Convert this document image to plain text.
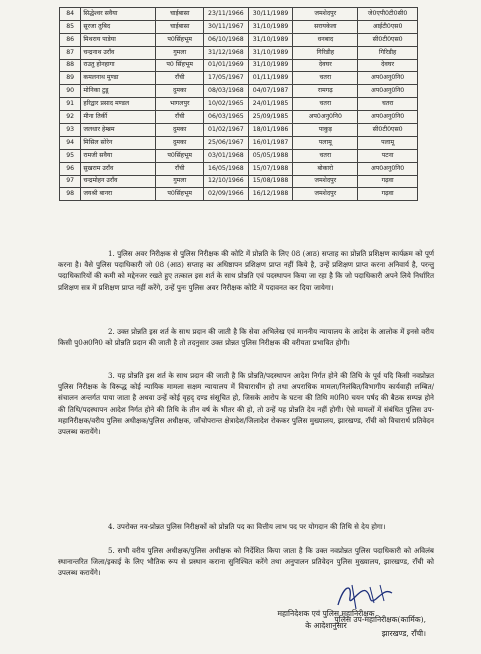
84	सिद्धेश्वर सवैया	चाईबासा	23/11/1966	30/11/1989	जमशेदपुर	जे0एपी0टी0सी0
85	सूरजा तुबिद	चाईबासा	30/11/1967	31/10/1989	सरायकेला	आईटी0एस0
86	मिथराय पाडेया	प0सिंहभूम	06/10/1968	31/10/1989	धनबाद	सी0टी0एस0
87	चन्द्रनाथ उराँव	गुमला	31/12/1968	31/10/1989	गिरिडीह	गिरिडीह
88	राउतु होनहागा	प0 सिंहभूम	01/01/1969	31/10/1989	देवघर	देवघर
89	कमलनाथ मुण्डा	राँची	17/05/1967	01/11/1989	चतरा	अप0अनु0नि0
90	मोनिका टुडू	दुमका	08/03/1968	04/07/1987	रामगढ़	अप0अनु0नि0
91	हरिद्वार प्रसाद मण्डल	भागलपुर	10/02/1965	24/01/1985	चतरा	चतरा
92	मीना तिर्की	राँची	06/03/1965	25/09/1985	अप0अनु0नि0	अप0अनु0नि0
93	जलधार हेम्ब्रम	दुमका	01/02/1967	18/01/1986	पाकुड़	सी0टी0एस0
94	मिसिल सोरेन	दुमका	25/06/1967	16/01/1987	पलामू	पलामू
95	रामजी सवैया	प0सिंहभूम	03/01/1968	05/05/1988	चतरा	पटना
96	सुखराम उराँव	राँची	16/05/1968	15/07/1988	बोकारो	अप0अनु0नि0
97	चन्द्रमोहन उराँव	गुमला	12/10/1966	15/08/1988	जमशेदपुर	गढ़वा
98	जयश्री बानरा	प0सिंहभूम	02/09/1966	16/12/1988	जमशेदपुर	गढ़वा

1. पुलिस अवर निरीक्षक से पुलिस निरीक्षक की कोटि में प्रोन्नति के लिए 08 (आठ) सप्ताह का प्रोन्नति प्रशिक्षण कार्यक्रम को पूर्ण करना है। वैसे पुलिस पदाधिकारी जो 08 (आठ) सप्ताह का अधिष्ठापन प्रशिक्षण प्राप्त नहीं किये है, उन्हें प्रशिक्षण प्राप्त करना अनिवार्य है, परन्तु पदाधिकारियों की कमी को मद्देनजर रखते हुए तत्काल इस शर्त के साथ प्रोन्नति एवं पदस्थापन किया जा रहा है कि जो पदाधिकारी अपने लिये निर्धारित प्रशिक्षण सत्र में प्रशिक्षण प्राप्त नहीं करेंगे, उन्हें पुनः पुलिस अवर निरीक्षक कोटि में पदावनत कर दिया जायेगा।

2. उक्त प्रोन्नति इस शर्त के साथ प्रदान की जाती है कि सेवा अभिलेख एवं माननीय न्यायालय के आदेश के आलोक में इनसे वरीय किसी पु0अ0नि0 को प्रोन्नति प्रदान की जाती है तो तदनुसार उक्त प्रोन्नत पुलिस निरीक्षक की वरीयता प्रभावित होगी।

3. यह प्रोन्नति इस शर्त के साथ प्रदान की जाती है कि प्रोन्नति/पदस्थापन आदेश निर्गत होने की तिथि के पूर्व यदि किसी नवप्रोन्नत पुलिस निरीक्षक के विरूद्ध कोई न्यायिक मामला सक्षम न्यायालय में विचाराधीन हो तथा अपराधिक मामला/निलंबित/विभागीय कार्यवाही लम्बित/संचालन अन्तर्गत पाया जाता है अथवा उन्हें कोई वृहद् दण्ड संसूचित हो, जिसके आरोप के घटना की तिथि म0नि0 चयन पर्षद की बैठक सम्पन्न होने की तिथि/पदस्थापन आदेश निर्गत होने की तिथि के तीन वर्ष के भीतर की हो, तो उन्हें यह प्रोन्नति देय नहीं होगी। ऐसे मामलों में संबंधित पुलिस उप-महानिरीक्षक/वरीय पुलिस अधीक्षक/पुलिस अधीक्षक, जाँचोपरान्त क्षेत्रादेश/जिलादेश रोककर पुलिस मुख्यालय, झारखण्ड, राँची को विचारार्थ प्रतिवेदन उपलब्ध करायेंगे।

4. उपरोक्त नव-प्रोन्नत पुलिस निरीक्षकों को प्रोन्नति पद का वित्तीय लाभ पद पर योगदान की तिथि से देय होगा।

5. सभी वरीय पुलिस अधीक्षक/पुलिस अधीक्षक को निर्देशित किया जाता है कि उक्त नवप्रोन्नत पुलिस पदाधिकारी को अविलंब स्थानान्तरित जिला/इकाई के लिए भौतिक रूप से प्रस्थान कराना सुनिश्चित करेंगे तथा अनुपालन प्रतिवेदन पुलिस मुख्यालय, झारखण्ड, राँची को उपलब्ध करायेंगे।

महानिदेशक एवं पुलिस महानिरीक्षक
के आदेशानुसार
पुलिस उप-महानिरीक्षक(कार्मिक),
झारखण्ड, राँची।
